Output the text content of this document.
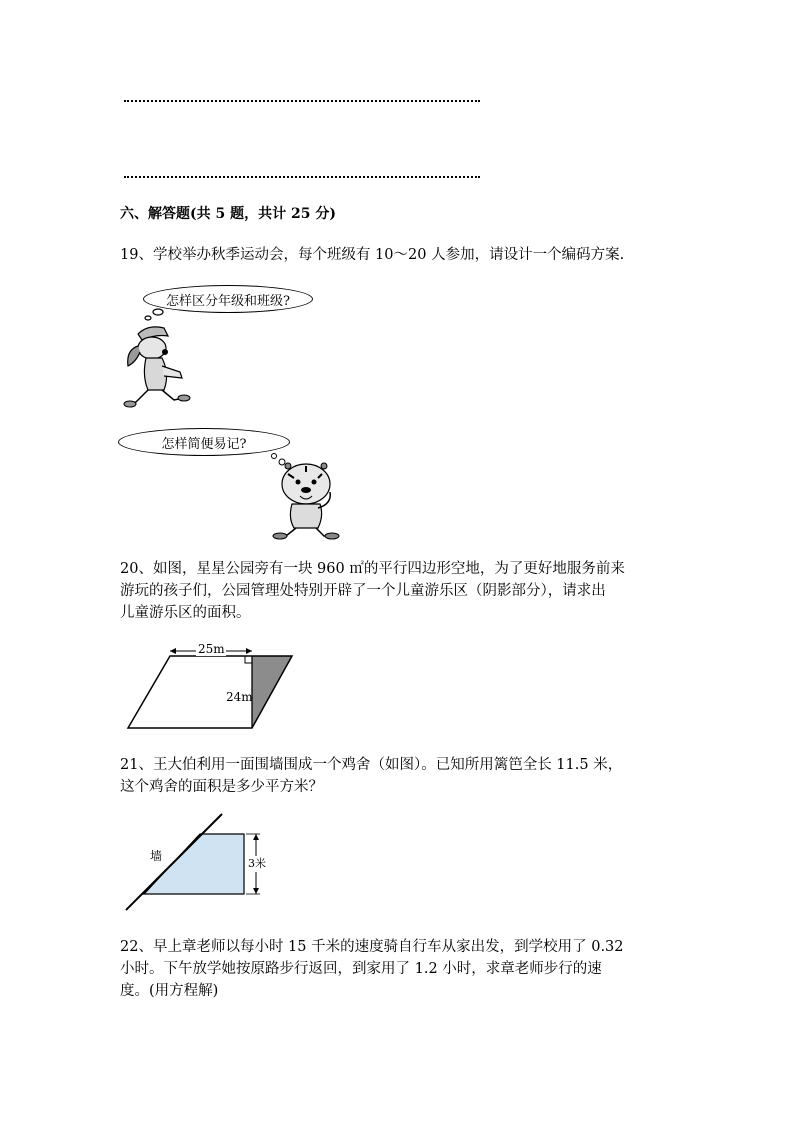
六、解答题(共 5 题，共计 25 分)
19、学校举办秋季运动会，每个班级有 10～20 人参加，请设计一个编码方案.
怎样区分年级和班级?
怎样简便易记?
20、如图，星星公园旁有一块 960 ㎡的平行四边形空地，为了更好地服务前来
游玩的孩子们，公园管理处特别开辟了一个儿童游乐区（阴影部分），请求出
儿童游乐区的面积。
25m
24m
21、王大伯利用一面围墙围成一个鸡舍（如图）。已知所用篱笆全长 11.5 米，
这个鸡舍的面积是多少平方米？
墙
3米
22、早上章老师以每小时 15 千米的速度骑自行车从家出发，到学校用了 0.32
小时。下午放学她按原路步行返回，到家用了 1.2 小时，求章老师步行的速
度。(用方程解)
